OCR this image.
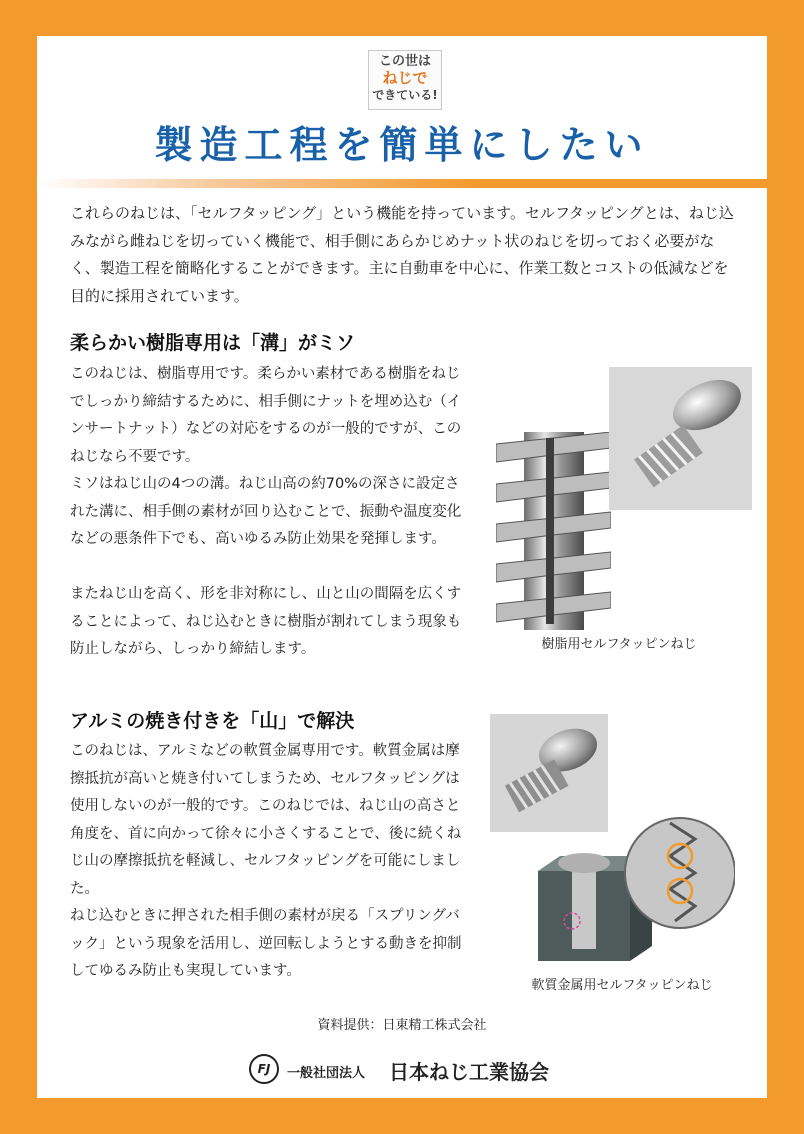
この世は
ねじで
できている!
製造工程を簡単にしたい

これらのねじは、「セルフタッピング」という機能を持っています。セルフタッピングとは、ねじ込みながら雌ねじを切っていく機能で、相手側にあらかじめナット状のねじを切っておく必要がなく、製造工程を簡略化することができます。主に自動車を中心に、作業工数とコストの低減などを目的に採用されています。

柔らかい樹脂専用は「溝」がミソ

このねじは、樹脂専用です。柔らかい素材である樹脂をねじでしっかり締結するために、相手側にナットを埋め込む（インサートナット）などの対応をするのが一般的ですが、このねじなら不要です。

ミソはねじ山の4つの溝。ねじ山高の約70%の深さに設定された溝に、相手側の素材が回り込むことで、振動や温度変化などの悪条件下でも、高いゆるみ防止効果を発揮します。

またねじ山を高く、形を非対称にし、山と山の間隔を広くすることによって、ねじ込むときに樹脂が割れてしまう現象も防止しながら、しっかり締結します。	樹脂用セルフタッピンねじ
アルミの焼き付きを「山」で解決

このねじは、アルミなどの軟質金属専用です。軟質金属は摩擦抵抗が高いと焼き付いてしまうため、セルフタッピングは使用しないのが一般的です。このねじでは、ねじ山の高さと角度を、首に向かって徐々に小さくすることで、後に続くねじ山の摩擦抵抗を軽減し、セルフタッピングを可能にしました。

ねじ込むときに押された相手側の素材が戻る「スプリングバック」という現象を活用し、逆回転しようとする動きを抑制してゆるみ防止も実現しています。

軟質金属用セルフタッピンねじ
資料提供：日東精工株式会社
FJ	一般社団法人 日本ねじ工業協会
